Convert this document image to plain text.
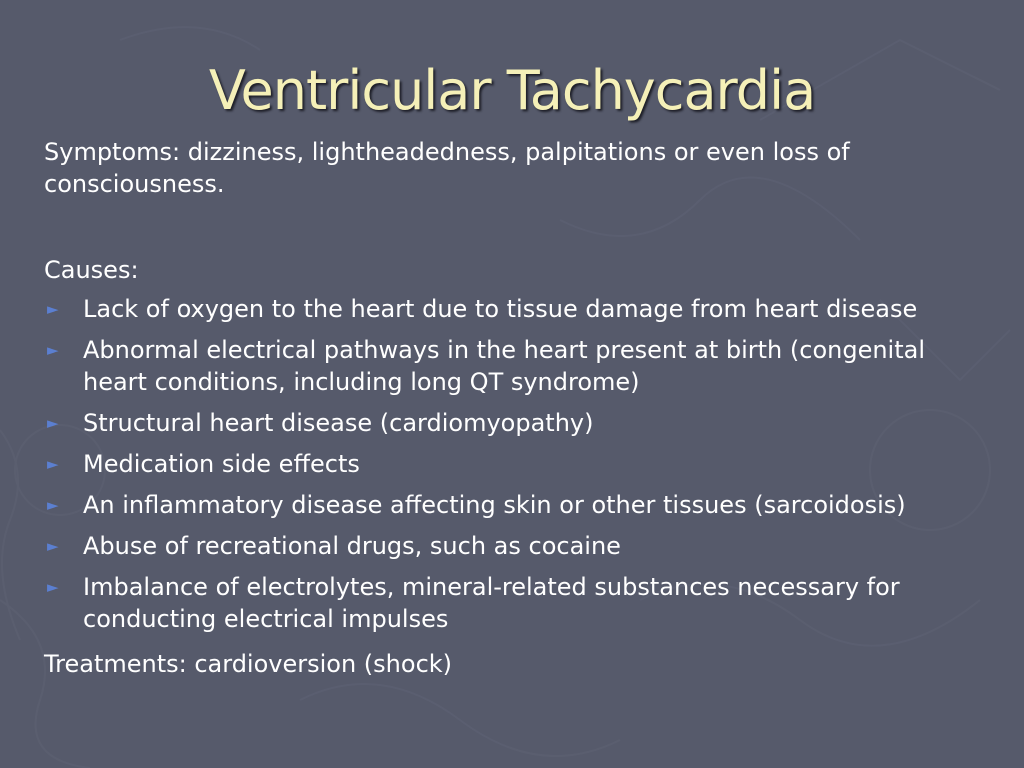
Ventricular Tachycardia
Symptoms: dizziness, lightheadedness, palpitations or even loss of consciousness.
Causes:
► Lack of oxygen to the heart due to tissue damage from heart disease
► Abnormal electrical pathways in the heart present at birth (congenital heart conditions, including long QT syndrome)
► Structural heart disease (cardiomyopathy)
► Medication side effects
► An inflammatory disease affecting skin or other tissues (sarcoidosis)
► Abuse of recreational drugs, such as cocaine
► Imbalance of electrolytes, mineral-related substances necessary for conducting electrical impulses
Treatments: cardioversion (shock)
